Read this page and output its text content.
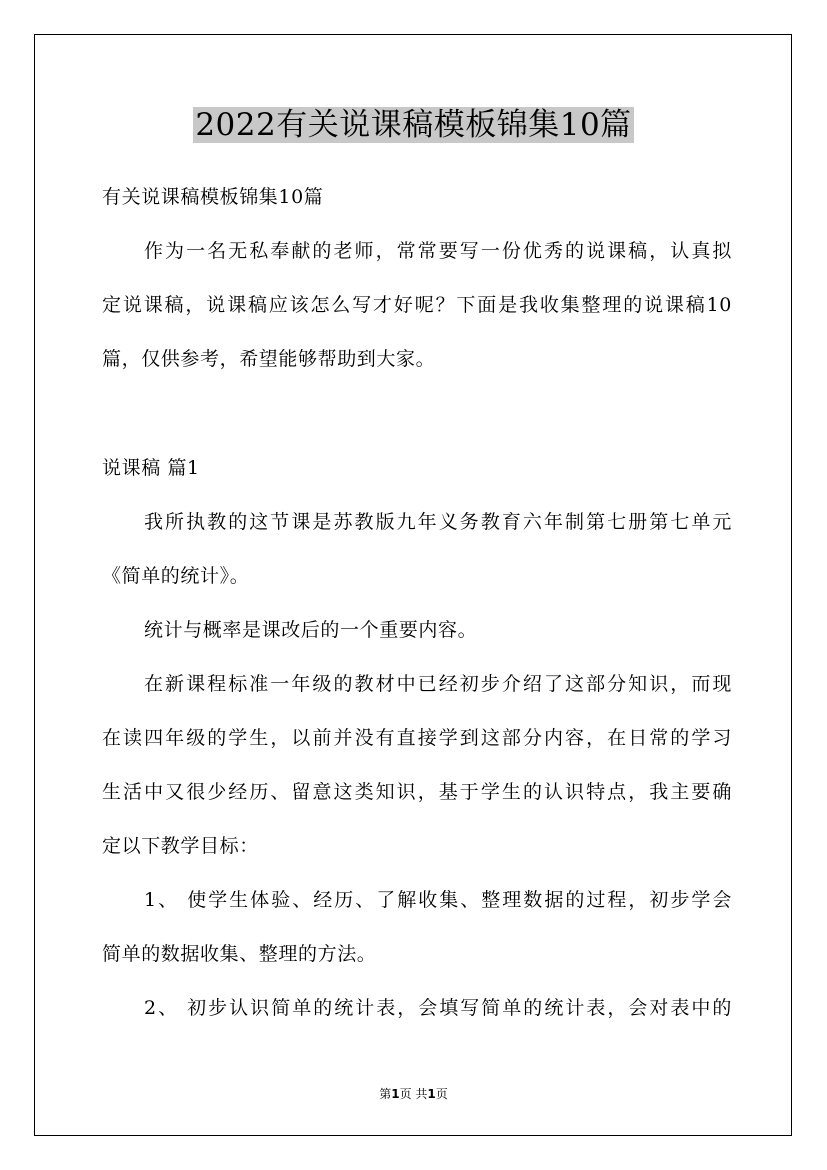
2022有关说课稿模板锦集10篇

有关说课稿模板锦集10篇

作为一名无私奉献的老师，常常要写一份优秀的说课稿，认真拟

定说课稿，说课稿应该怎么写才好呢？下面是我收集整理的说课稿10

篇，仅供参考，希望能够帮助到大家。

说课稿 篇1

我所执教的这节课是苏教版九年义务教育六年制第七册第七单元

《简单的统计》。

统计与概率是课改后的一个重要内容。

在新课程标准一年级的教材中已经初步介绍了这部分知识，而现

在读四年级的学生，以前并没有直接学到这部分内容，在日常的学习

生活中又很少经历、留意这类知识，基于学生的认识特点，我主要确

定以下教学目标：

1、 使学生体验、经历、了解收集、整理数据的过程，初步学会

简单的数据收集、整理的方法。

2、 初步认识简单的统计表，会填写简单的统计表，会对表中的

第1页 共1页
